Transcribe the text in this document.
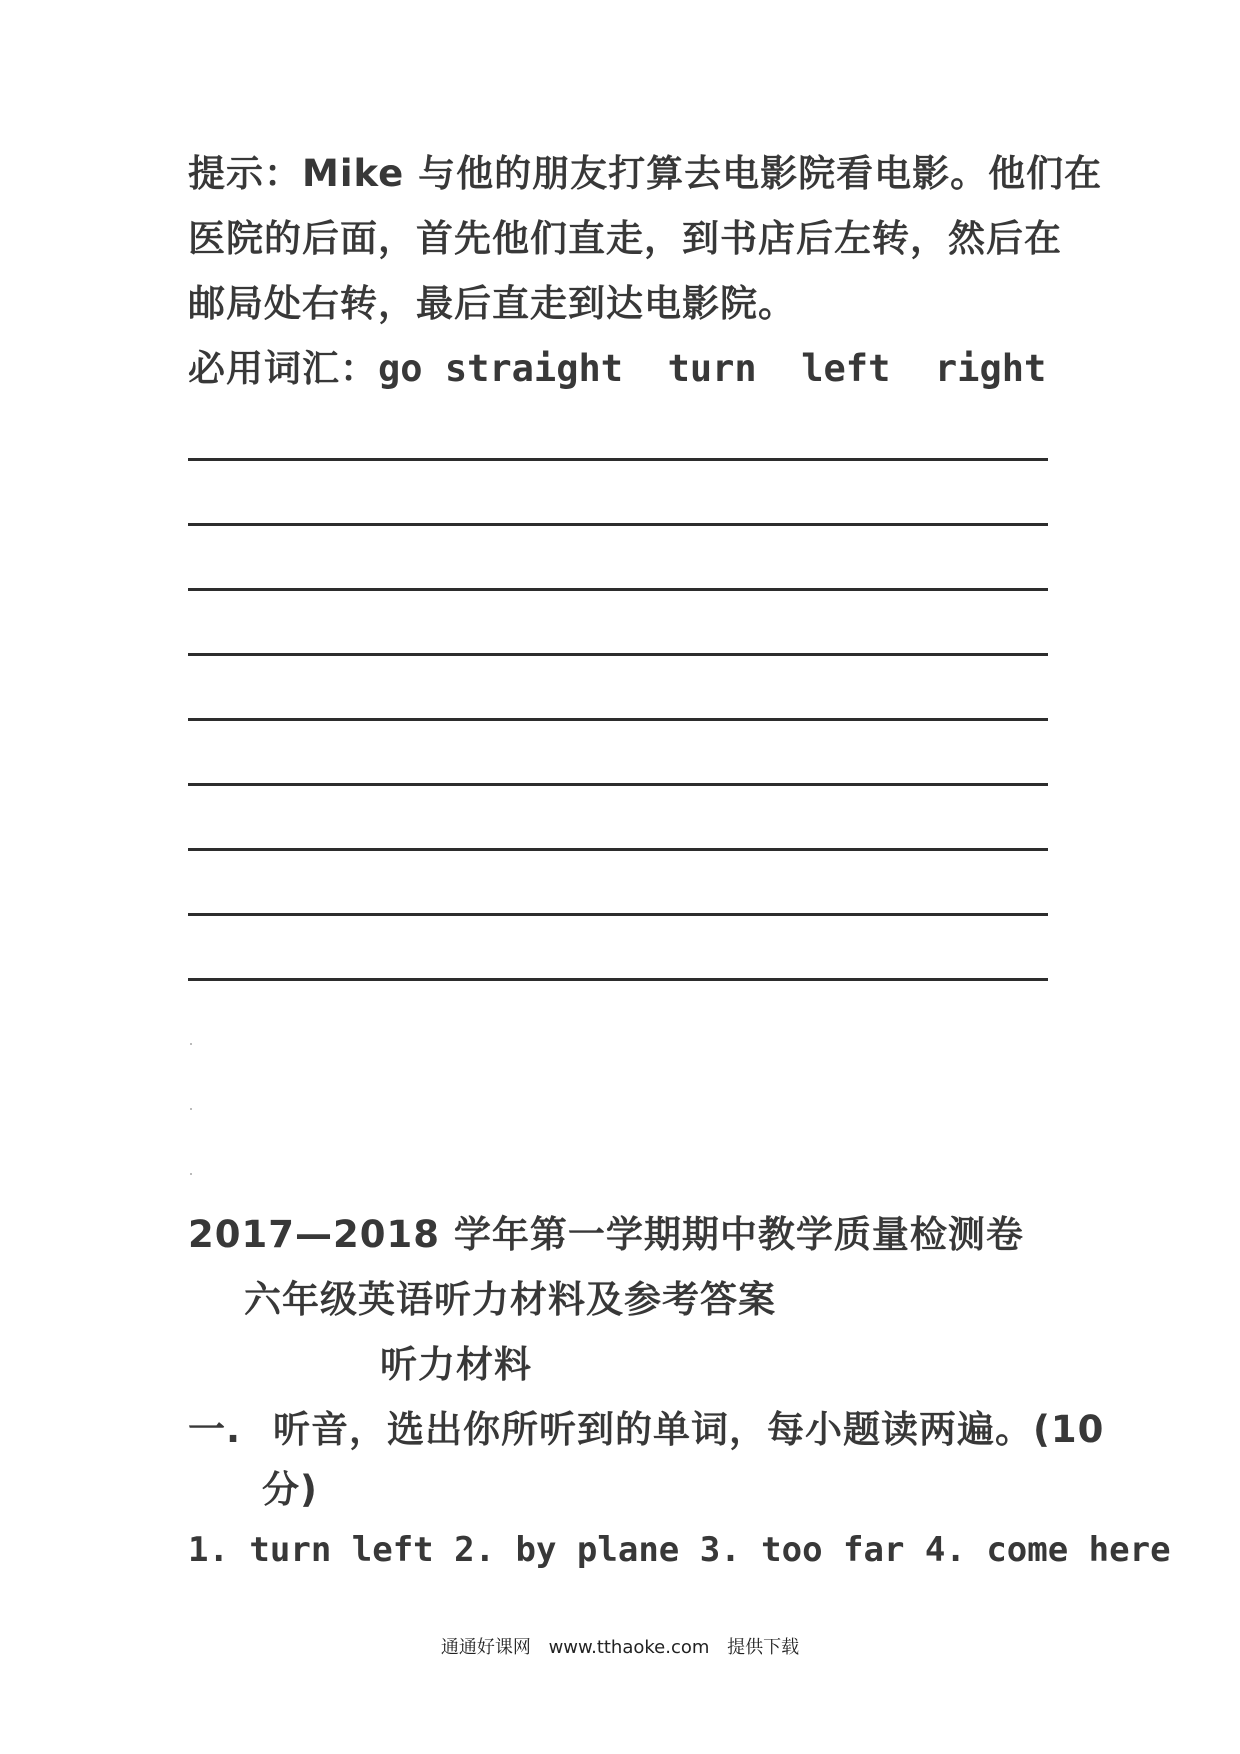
提示：Mike 与他的朋友打算去电影院看电影。他们在
医院的后面，首先他们直走，到书店后左转，然后在
邮局处右转，最后直走到达电影院。
必用词汇：go straight  turn  left  right
2017—2018 学年第一学期期中教学质量检测卷
六年级英语听力材料及参考答案
听力材料
一. 听音，选出你所听到的单词，每小题读两遍。(10
分)
1. turn left 2. by plane 3. too far 4. come here
通通好课网 www.tthaoke.com 提供下载
